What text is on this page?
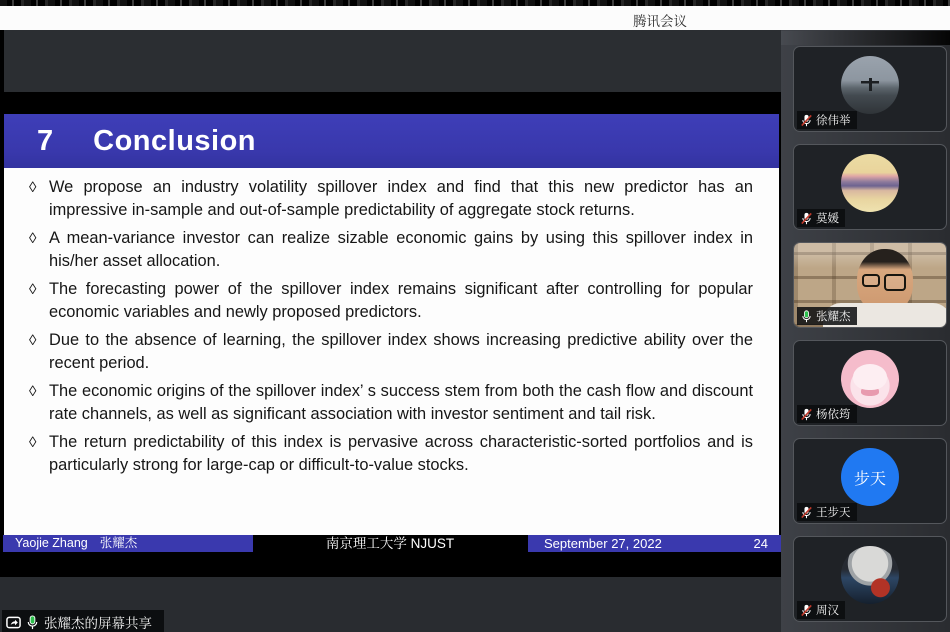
腾讯会议
7 Conclusion

◊ We propose an industry volatility spillover index and find that this new predictor has an impressive in-sample and out-of-sample predictability of aggregate stock returns.

◊ A mean-variance investor can realize sizable economic gains by using this spillover index in his/her asset allocation.

◊ The forecasting power of the spillover index remains significant after controlling for popular economic variables and newly proposed predictors.

◊ Due to the absence of learning, the spillover index shows increasing predictive ability over the recent period.

◊ The economic origins of the spillover index’ s success stem from both the cash flow and discount rate channels, as well as significant association with investor sentiment and tail risk.

◊ The return predictability of this index is pervasive across characteristic-sorted portfolios and is particularly strong for large-cap or difficult-to-value stocks.

Yaojie Zhang 张耀杰	南京理工大学 NJUST	September 27, 2022	24
张耀杰的屏幕共享
徐伟举
莫媛
张耀杰
杨依筠
步天
王步天
周汉
